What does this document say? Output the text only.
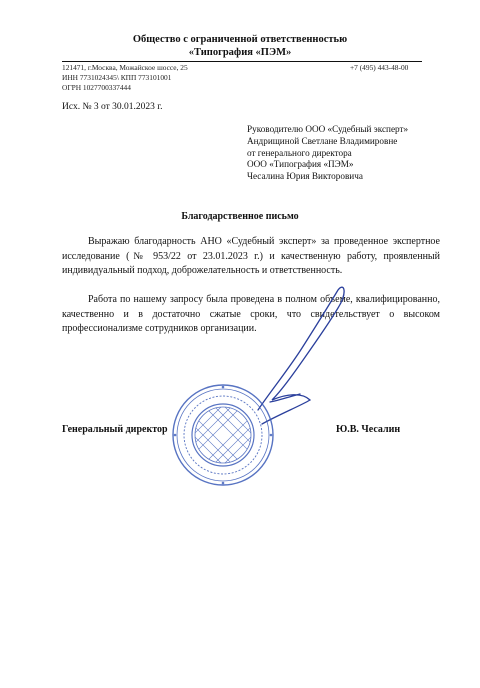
Общество с ограниченной ответственностью
«Типография «ПЭМ»
121471, г.Москва, Можайское шоссе, 25	+7 (495) 443-48-00
ИНН 7731024345\ КПП 773101001
ОГРН 1027700337444
Исх. № 3 от 30.01.2023 г.
Руководителю ООО «Судебный эксперт»
Андрищиной Светлане Владимировне
от генерального директора
ООО «Типография «ПЭМ»
Чесалина Юрия Викторовича
Благодарственное письмо
Выражаю благодарность АНО «Судебный эксперт» за проведенное экспертное исследование (№ 953/22 от 23.01.2023 г.) и качественную работу, проявленный индивидуальный подход, доброжелательность и ответственность.
Работа по нашему запросу была проведена в полном объеме, квалифицированно, качественно и в достаточно сжатые сроки, что свидетельствует о высоком профессионализме сотрудников организации.
Генеральный директор	Ю.В. Чесалин
